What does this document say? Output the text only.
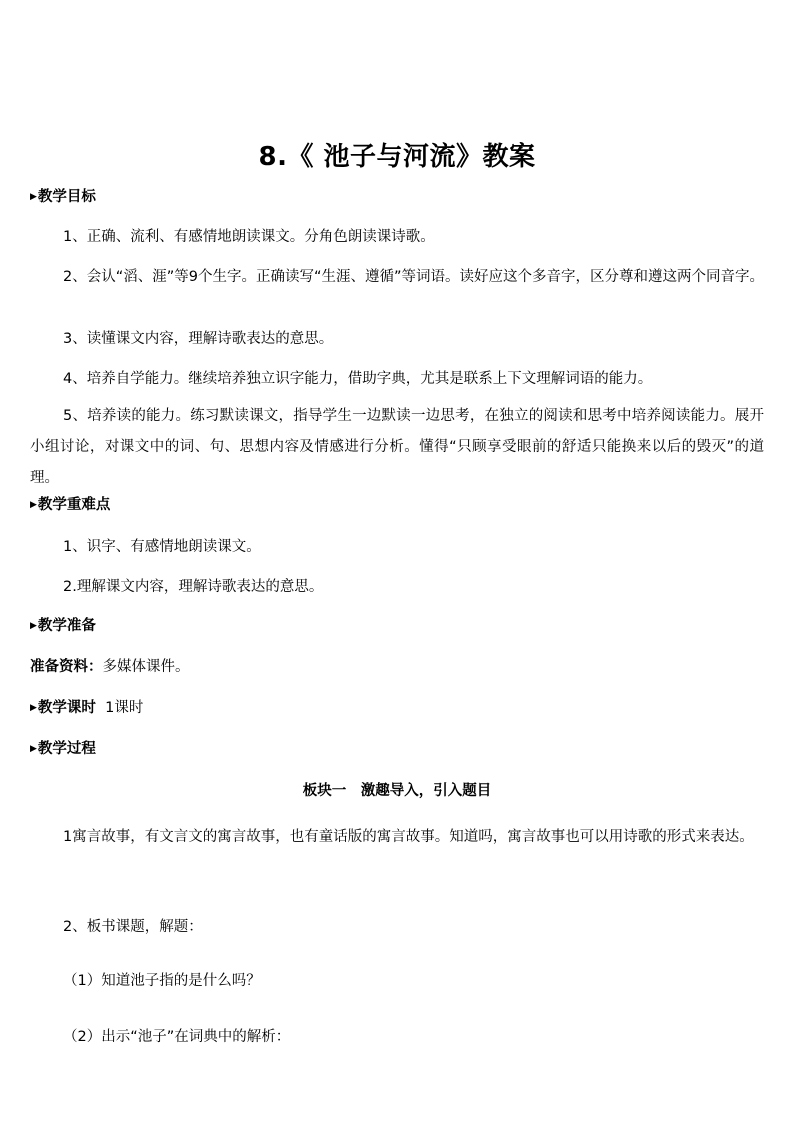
8.《 池子与河流》教案
▶教学目标
1、正确、流利、有感情地朗读课文。分角色朗读课诗歌。
2、会认“滔、涯”等9个生字。正确读写“生涯、遵循”等词语。读好应这个多音字，区分尊和遵这两个同音字。
3、读懂课文内容，理解诗歌表达的意思。
4、培养自学能力。继续培养独立识字能力，借助字典，尤其是联系上下文理解词语的能力。
5、培养读的能力。练习默读课文，指导学生一边默读一边思考，在独立的阅读和思考中培养阅读能力。展开小组讨论，对课文中的词、句、思想内容及情感进行分析。懂得“只顾享受眼前的舒适只能换来以后的毁灭”的道理。
▶教学重难点
1、识字、有感情地朗读课文。
2.理解课文内容，理解诗歌表达的意思。
▶教学准备
准备资料：多媒体课件。
▶教学课时 1课时
▶教学过程
板块一　激趣导入，引入题目
1寓言故事，有文言文的寓言故事，也有童话版的寓言故事。知道吗，寓言故事也可以用诗歌的形式来表达。
2、板书课题，解题：
（1）知道池子指的是什么吗？
（2）出示“池子”在词典中的解析：
